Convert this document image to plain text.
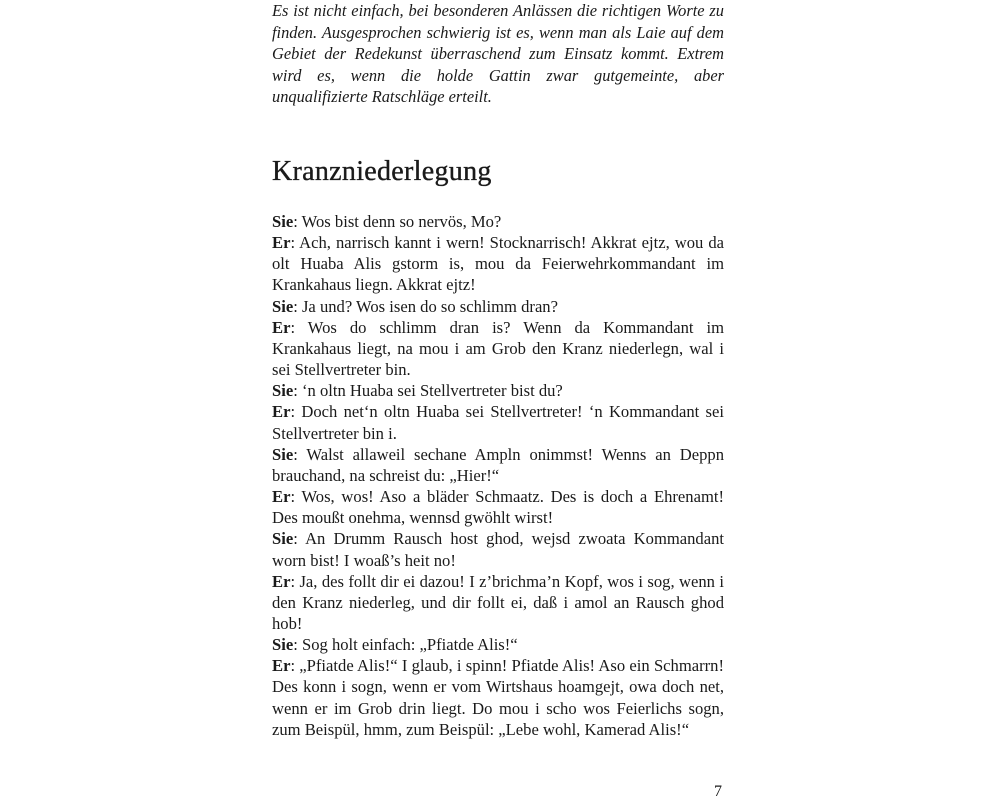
Es ist nicht einfach, bei besonderen Anlässen die richtigen Worte zu finden. Ausgesprochen schwierig ist es, wenn man als Laie auf dem Gebiet der Redekunst überraschend zum Einsatz kommt. Extrem wird es, wenn die holde Gattin zwar gutgemeinte, aber unqualifizierte Ratschläge erteilt.

Kranzniederlegung

Sie: Wos bist denn so nervös, Mo?

Er: Ach, narrisch kannt i wern! Stocknarrisch! Akkrat ejtz, wou da olt Huaba Alis gstorm is, mou da Feierwehrkommandant im Krankahaus liegn. Akkrat ejtz!

Sie: Ja und? Wos isen do so schlimm dran?

Er: Wos do schlimm dran is? Wenn da Kommandant im Krankahaus liegt, na mou i am Grob den Kranz niederlegn, wal i sei Stellvertreter bin.

Sie: ‘n oltn Huaba sei Stellvertreter bist du?

Er: Doch net‘n oltn Huaba sei Stellvertreter! ‘n Kommandant sei Stellvertreter bin i.

Sie: Walst allaweil sechane Ampln onimmst! Wenns an Deppn brauchand, na schreist du: „Hier!“

Er: Wos, wos! Aso a bläder Schmaatz. Des is doch a Ehrenamt! Des moußt onehma, wennsd gwöhlt wirst!

Sie: An Drumm Rausch host ghod, wejsd zwoata Kommandant worn bist! I woaß’s heit no!

Er: Ja, des follt dir ei dazou! I z’brichma’n Kopf, wos i sog, wenn i den Kranz niederleg, und dir follt ei, daß i amol an Rausch ghod hob!

Sie: Sog holt einfach: „Pfiatde Alis!“

Er: „Pfiatde Alis!“ I glaub, i spinn! Pfiatde Alis! Aso ein Schmarrn! Des konn i sogn, wenn er vom Wirtshaus hoamgejt, owa doch net, wenn er im Grob drin liegt. Do mou i scho wos Feierlichs sogn, zum Beispül, hmm, zum Beispül: „Lebe wohl, Kamerad Alis!“

7
